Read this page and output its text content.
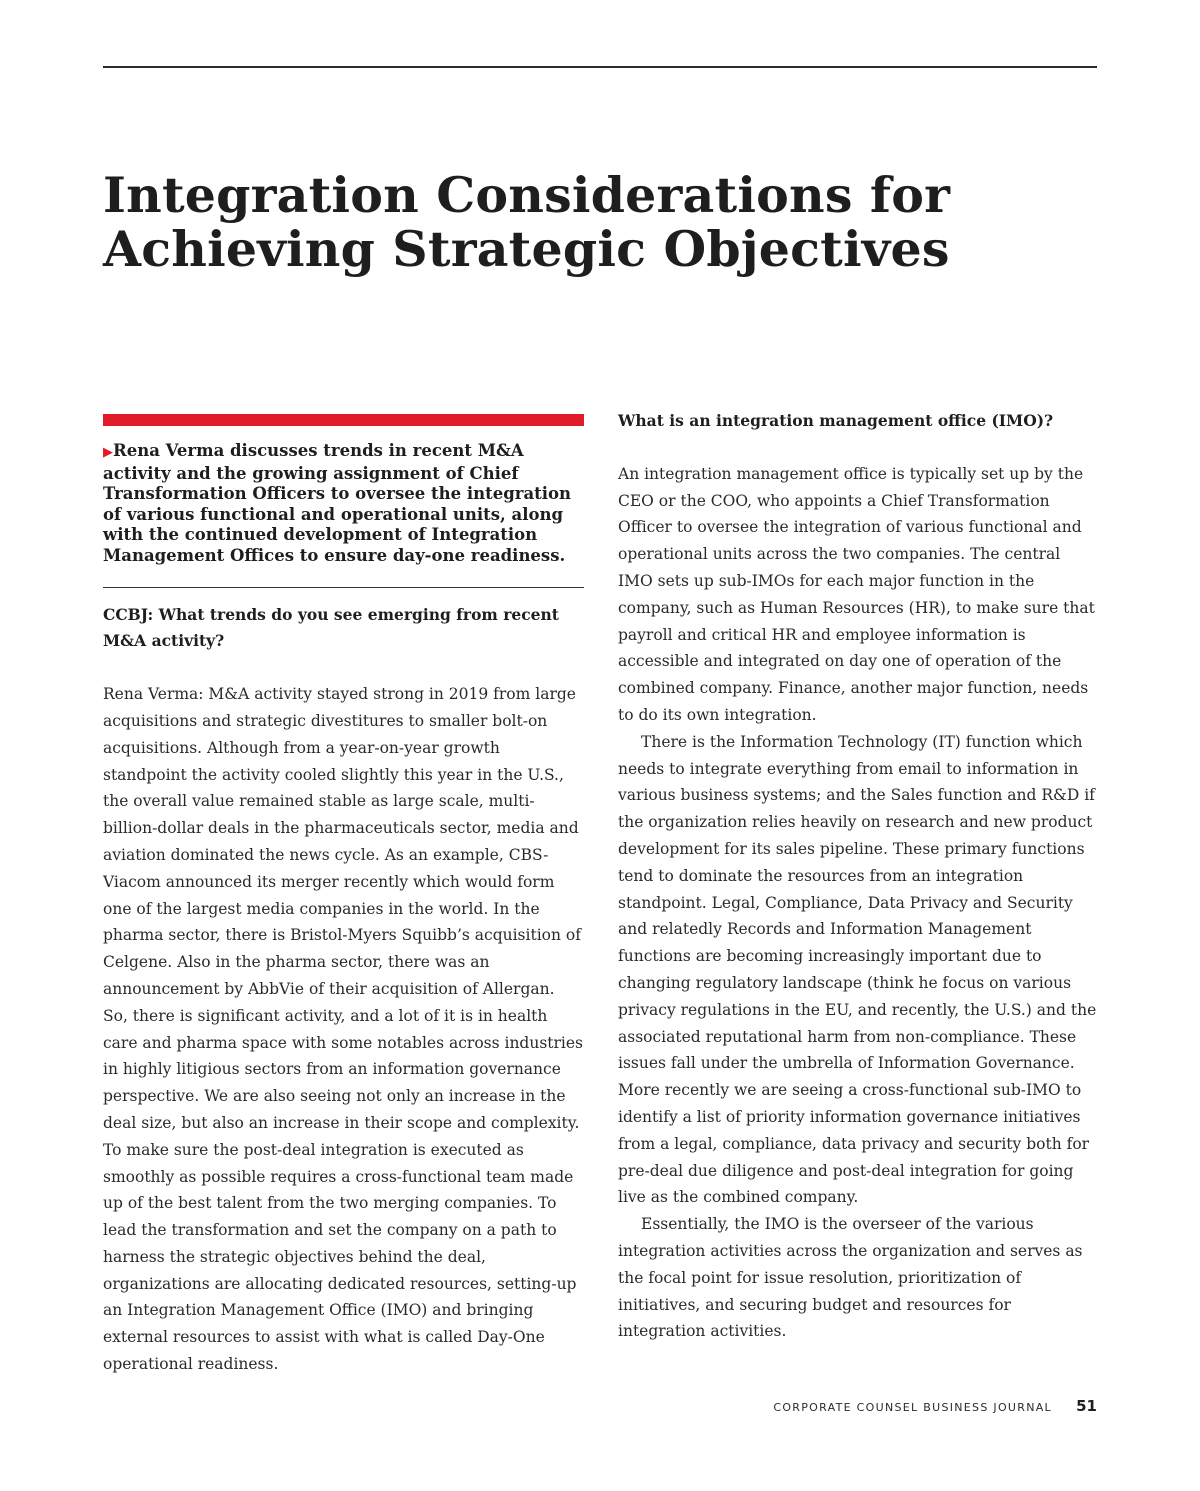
Integration Considerations for
Achieving Strategic Objectives

▶Rena Verma discusses trends in recent M&A activity and the growing assignment of Chief Transformation Officers to oversee the integration of various functional and operational units, along with the continued development of Integration Management Offices to ensure day-one readiness.

CCBJ: What trends do you see emerging from recent M&A activity?

Rena Verma: M&A activity stayed strong in 2019 from large acquisitions and strategic divestitures to smaller bolt-on acquisitions. Although from a year-on-year growth standpoint the activity cooled slightly this year in the U.S., the overall value remained stable as large scale, multi-billion-dollar deals in the pharmaceuticals sector, media and aviation dominated the news cycle. As an example, CBS-Viacom announced its merger recently which would form one of the largest media companies in the world. In the pharma sector, there is Bristol-Myers Squibb’s acquisition of Celgene. Also in the pharma sector, there was an announcement by AbbVie of their acquisition of Allergan. So, there is significant activity, and a lot of it is in health care and pharma space with some notables across industries in highly litigious sectors from an information governance perspective. We are also seeing not only an increase in the deal size, but also an increase in their scope and complexity. To make sure the post-deal integration is executed as smoothly as possible requires a cross-functional team made up of the best talent from the two merging companies. To lead the transformation and set the company on a path to harness the strategic objectives behind the deal, organizations are allocating dedicated resources, setting-up an Integration Management Office (IMO) and bringing external resources to assist with what is called Day-One operational readiness.

What is an integration management office (IMO)?

An integration management office is typically set up by the CEO or the COO, who appoints a Chief Transformation Officer to oversee the integration of various functional and operational units across the two companies. The central IMO sets up sub-IMOs for each major function in the company, such as Human Resources (HR), to make sure that payroll and critical HR and employee information is accessible and integrated on day one of operation of the combined company. Finance, another major function, needs to do its own integration.

There is the Information Technology (IT) function which needs to integrate everything from email to information in various business systems; and the Sales function and R&D if the organization relies heavily on research and new product development for its sales pipeline. These primary functions tend to dominate the resources from an integration standpoint. Legal, Compliance, Data Privacy and Security and relatedly Records and Information Management functions are becoming increasingly important due to changing regulatory landscape (think he focus on various privacy regulations in the EU, and recently, the U.S.) and the associated reputational harm from non-compliance. These issues fall under the umbrella of Information Governance. More recently we are seeing a cross-functional sub-IMO to identify a list of priority information governance initiatives from a legal, compliance, data privacy and security both for pre-deal due diligence and post-deal integration for going live as the combined company.

Essentially, the IMO is the overseer of the various integration activities across the organization and serves as the focal point for issue resolution, prioritization of initiatives, and securing budget and resources for integration activities.

CORPORATE COUNSEL BUSINESS JOURNAL 51
